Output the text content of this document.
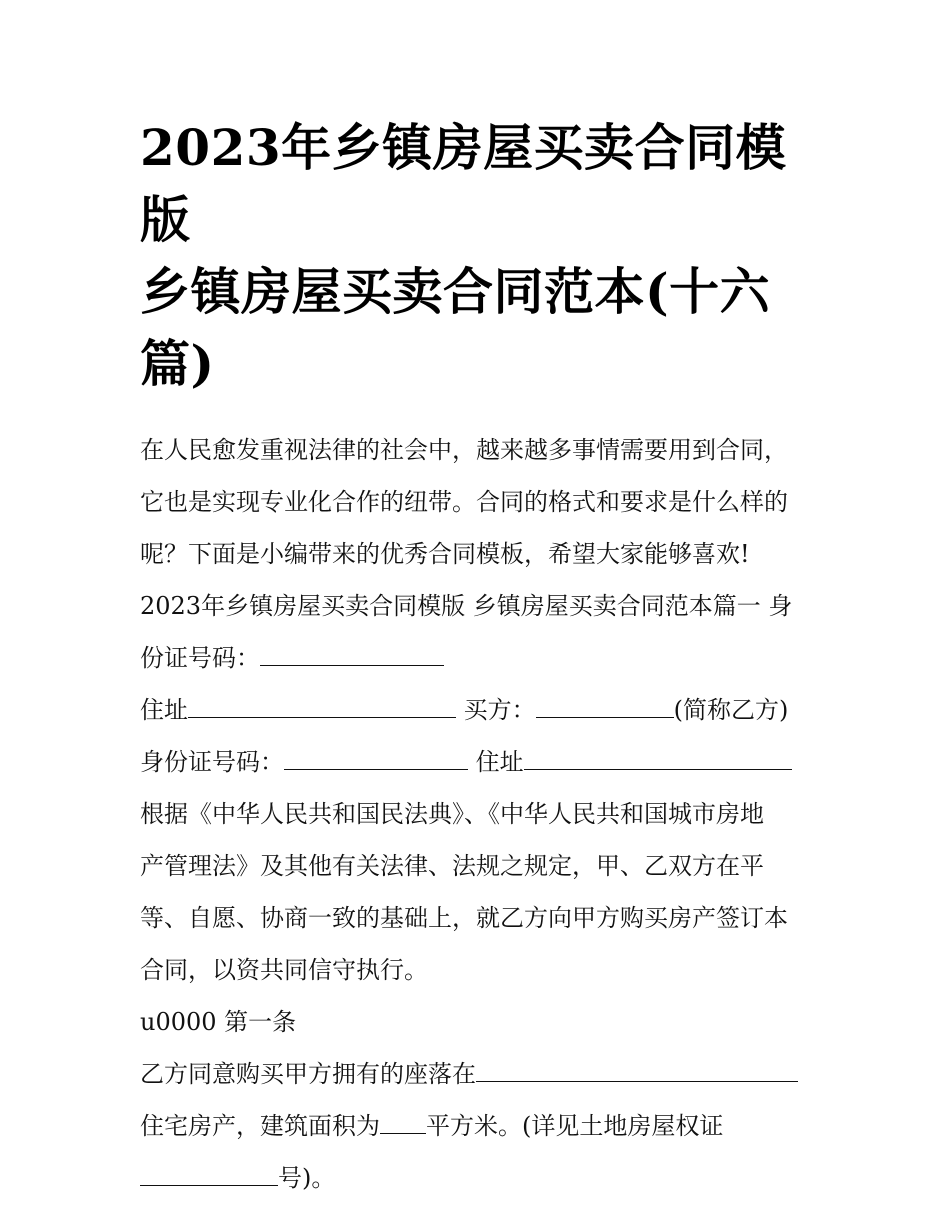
2023年乡镇房屋买卖合同模版
乡镇房屋买卖合同范本(十六
篇)

在人民愈发重视法律的社会中，越来越多事情需要用到合同，

它也是实现专业化合作的纽带。合同的格式和要求是什么样的

呢？下面是小编带来的优秀合同模板，希望大家能够喜欢!

2023年乡镇房屋买卖合同模版 乡镇房屋买卖合同范本篇一 身

份证号码：

住址	买方：	(简称乙方)

身份证号码：	住址

根据《中华人民共和国民法典》、《中华人民共和国城市房地

产管理法》及其他有关法律、法规之规定，甲、乙双方在平

等、自愿、协商一致的基础上，就乙方向甲方购买房产签订本

合同，以资共同信守执行。

u0000 第一条

乙方同意购买甲方拥有的座落在

住宅房产，建筑面积为 平方米。(详见土地房屋权证

号)。
